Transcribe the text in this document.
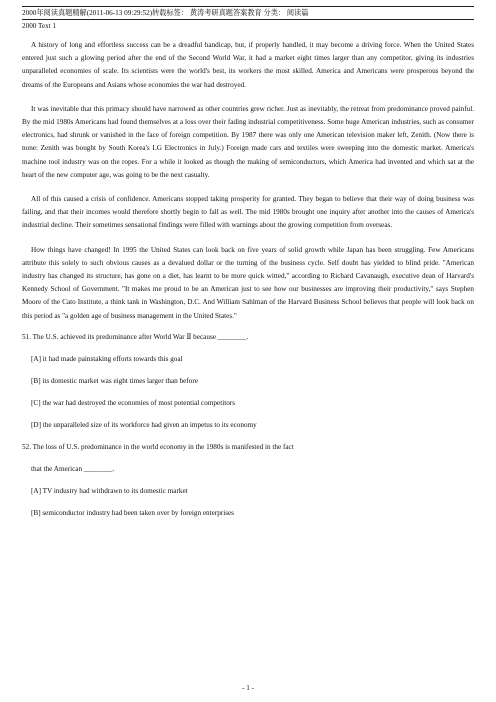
2000年阅读真题精解(2011-06-13 09:29:52)转载标签： 黄涛考研真题答案教育 分类： 阅读篇
2000 Text 1

A history of long and effortless success can be a dreadful handicap, but, if properly handled, it may become a driving force. When the United States entered just such a glowing period after the end of the Second World War, it had a market eight times larger than any competitor, giving its industries unparalleled economies of scale. Its scientists were the world's best, its workers the most skilled. America and Americans were prosperous beyond the dreams of the Europeans and Asians whose economies the war had destroyed.

It was inevitable that this primacy should have narrowed as other countries grew richer. Just as inevitably, the retreat from predominance proved painful. By the mid 1980s Americans had found themselves at a loss over their fading industrial competitiveness. Some huge American industries, such as consumer electronics, had shrunk or vanished in the face of foreign competition. By 1987 there was only one American television maker left, Zenith. (Now there is none: Zenith was bought by South Korea's LG Electronics in July.) Foreign made cars and textiles were sweeping into the domestic market. America's machine tool industry was on the ropes. For a while it looked as though the making of semiconductors, which America had invented and which sat at the heart of the new computer age, was going to be the next casualty.

All of this caused a crisis of confidence. Americans stopped taking prosperity for granted. They began to believe that their way of doing business was failing, and that their incomes would therefore shortly begin to fall as well. The mid 1980s brought one inquiry after another into the causes of America's industrial decline. Their sometimes sensational findings were filled with warnings about the growing competition from overseas.

How things have changed! In 1995 the United States can look back on five years of solid growth while Japan has been struggling. Few Americans attribute this solely to such obvious causes as a devalued dollar or the turning of the business cycle. Self doubt has yielded to blind pride. "American industry has changed its structure, has gone on a diet, has learnt to be more quick witted," according to Richard Cavanaugh, executive dean of Harvard's Kennedy School of Government. "It makes me proud to be an American just to see how our businesses are improving their productivity," says Stephen Moore of the Cato Institute, a think tank in Washington, D.C. And William Sahlman of the Harvard Business School believes that people will look back on this period as "a golden age of business management in the United States."

51. The U.S. achieved its predominance after World War Ⅱ because ________.
[A] it had made painstaking efforts towards this goal
[B] its domestic market was eight times larger than before
[C] the war had destroyed the economies of most potential competitors
[D] the unparalleled size of its workforce had given an impetus to its economy
52. The loss of U.S. predominance in the world economy in the 1980s is manifested in the fact
that the American ________.
[A] TV industry had withdrawn to its domestic market
[B] semiconductor industry had been taken over by foreign enterprises
- 1 -
